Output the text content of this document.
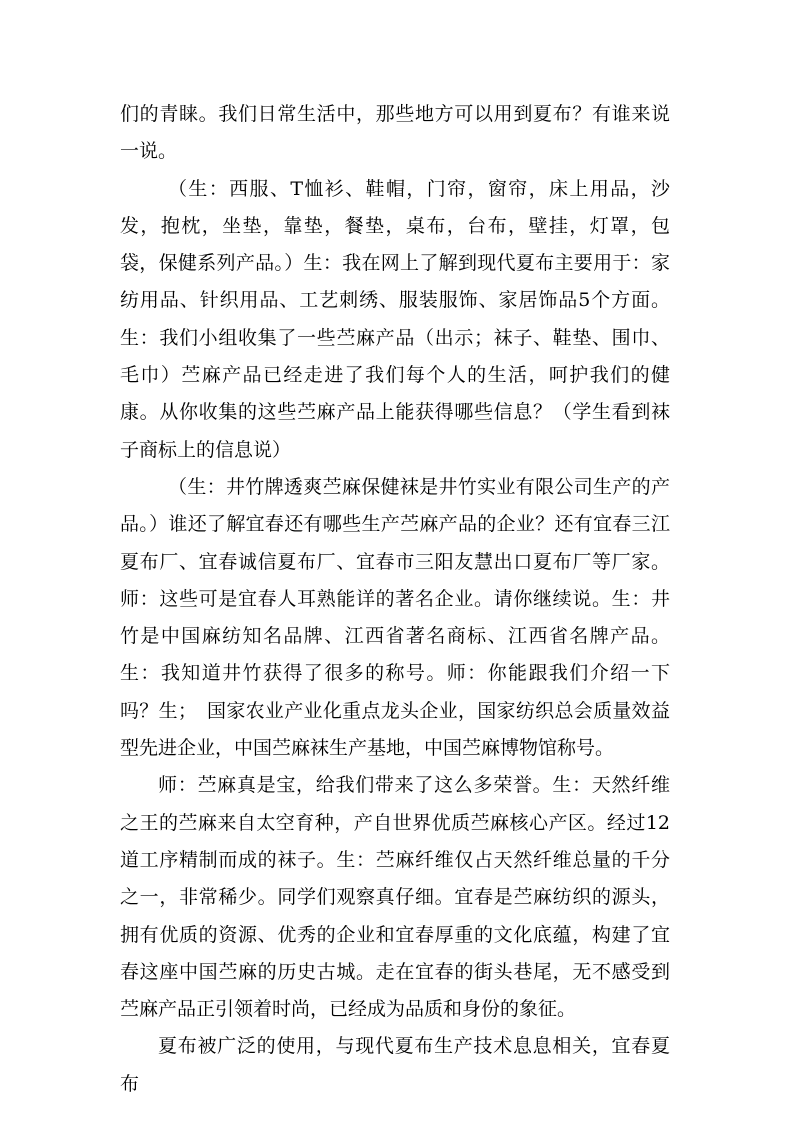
们的青睐。我们日常生活中，那些地方可以用到夏布？有谁来说一说。

（生：西服、T恤衫、鞋帽，门帘，窗帘，床上用品，沙发，抱枕，坐垫，靠垫，餐垫，桌布，台布，壁挂，灯罩，包袋，保健系列产品。）生：我在网上了解到现代夏布主要用于：家纺用品、针织用品、工艺刺绣、服装服饰、家居饰品5个方面。生：我们小组收集了一些苎麻产品（出示；袜子、鞋垫、围巾、毛巾）苎麻产品已经走进了我们每个人的生活，呵护我们的健康。从你收集的这些苎麻产品上能获得哪些信息？（学生看到袜子商标上的信息说）

（生：井竹牌透爽苎麻保健袜是井竹实业有限公司生产的产品。）谁还了解宜春还有哪些生产苎麻产品的企业？还有宜春三江夏布厂、宜春诚信夏布厂、宜春市三阳友慧出口夏布厂等厂家。师：这些可是宜春人耳熟能详的著名企业。请你继续说。生：井竹是中国麻纺知名品牌、江西省著名商标、江西省名牌产品。生：我知道井竹获得了很多的称号。师：你能跟我们介绍一下吗？生；　国家农业产业化重点龙头企业，国家纺织总会质量效益型先进企业，中国苎麻袜生产基地，中国苎麻博物馆称号。

师：苎麻真是宝，给我们带来了这么多荣誉。生：天然纤维之王的苎麻来自太空育种，产自世界优质苎麻核心产区。经过12道工序精制而成的袜子。生：苎麻纤维仅占天然纤维总量的千分之一，非常稀少。同学们观察真仔细。宜春是苎麻纺织的源头，拥有优质的资源、优秀的企业和宜春厚重的文化底蕴，构建了宜春这座中国苎麻的历史古城。走在宜春的街头巷尾，无不感受到苎麻产品正引领着时尚，已经成为品质和身份的象征。

夏布被广泛的使用，与现代夏布生产技术息息相关，宜春夏布
